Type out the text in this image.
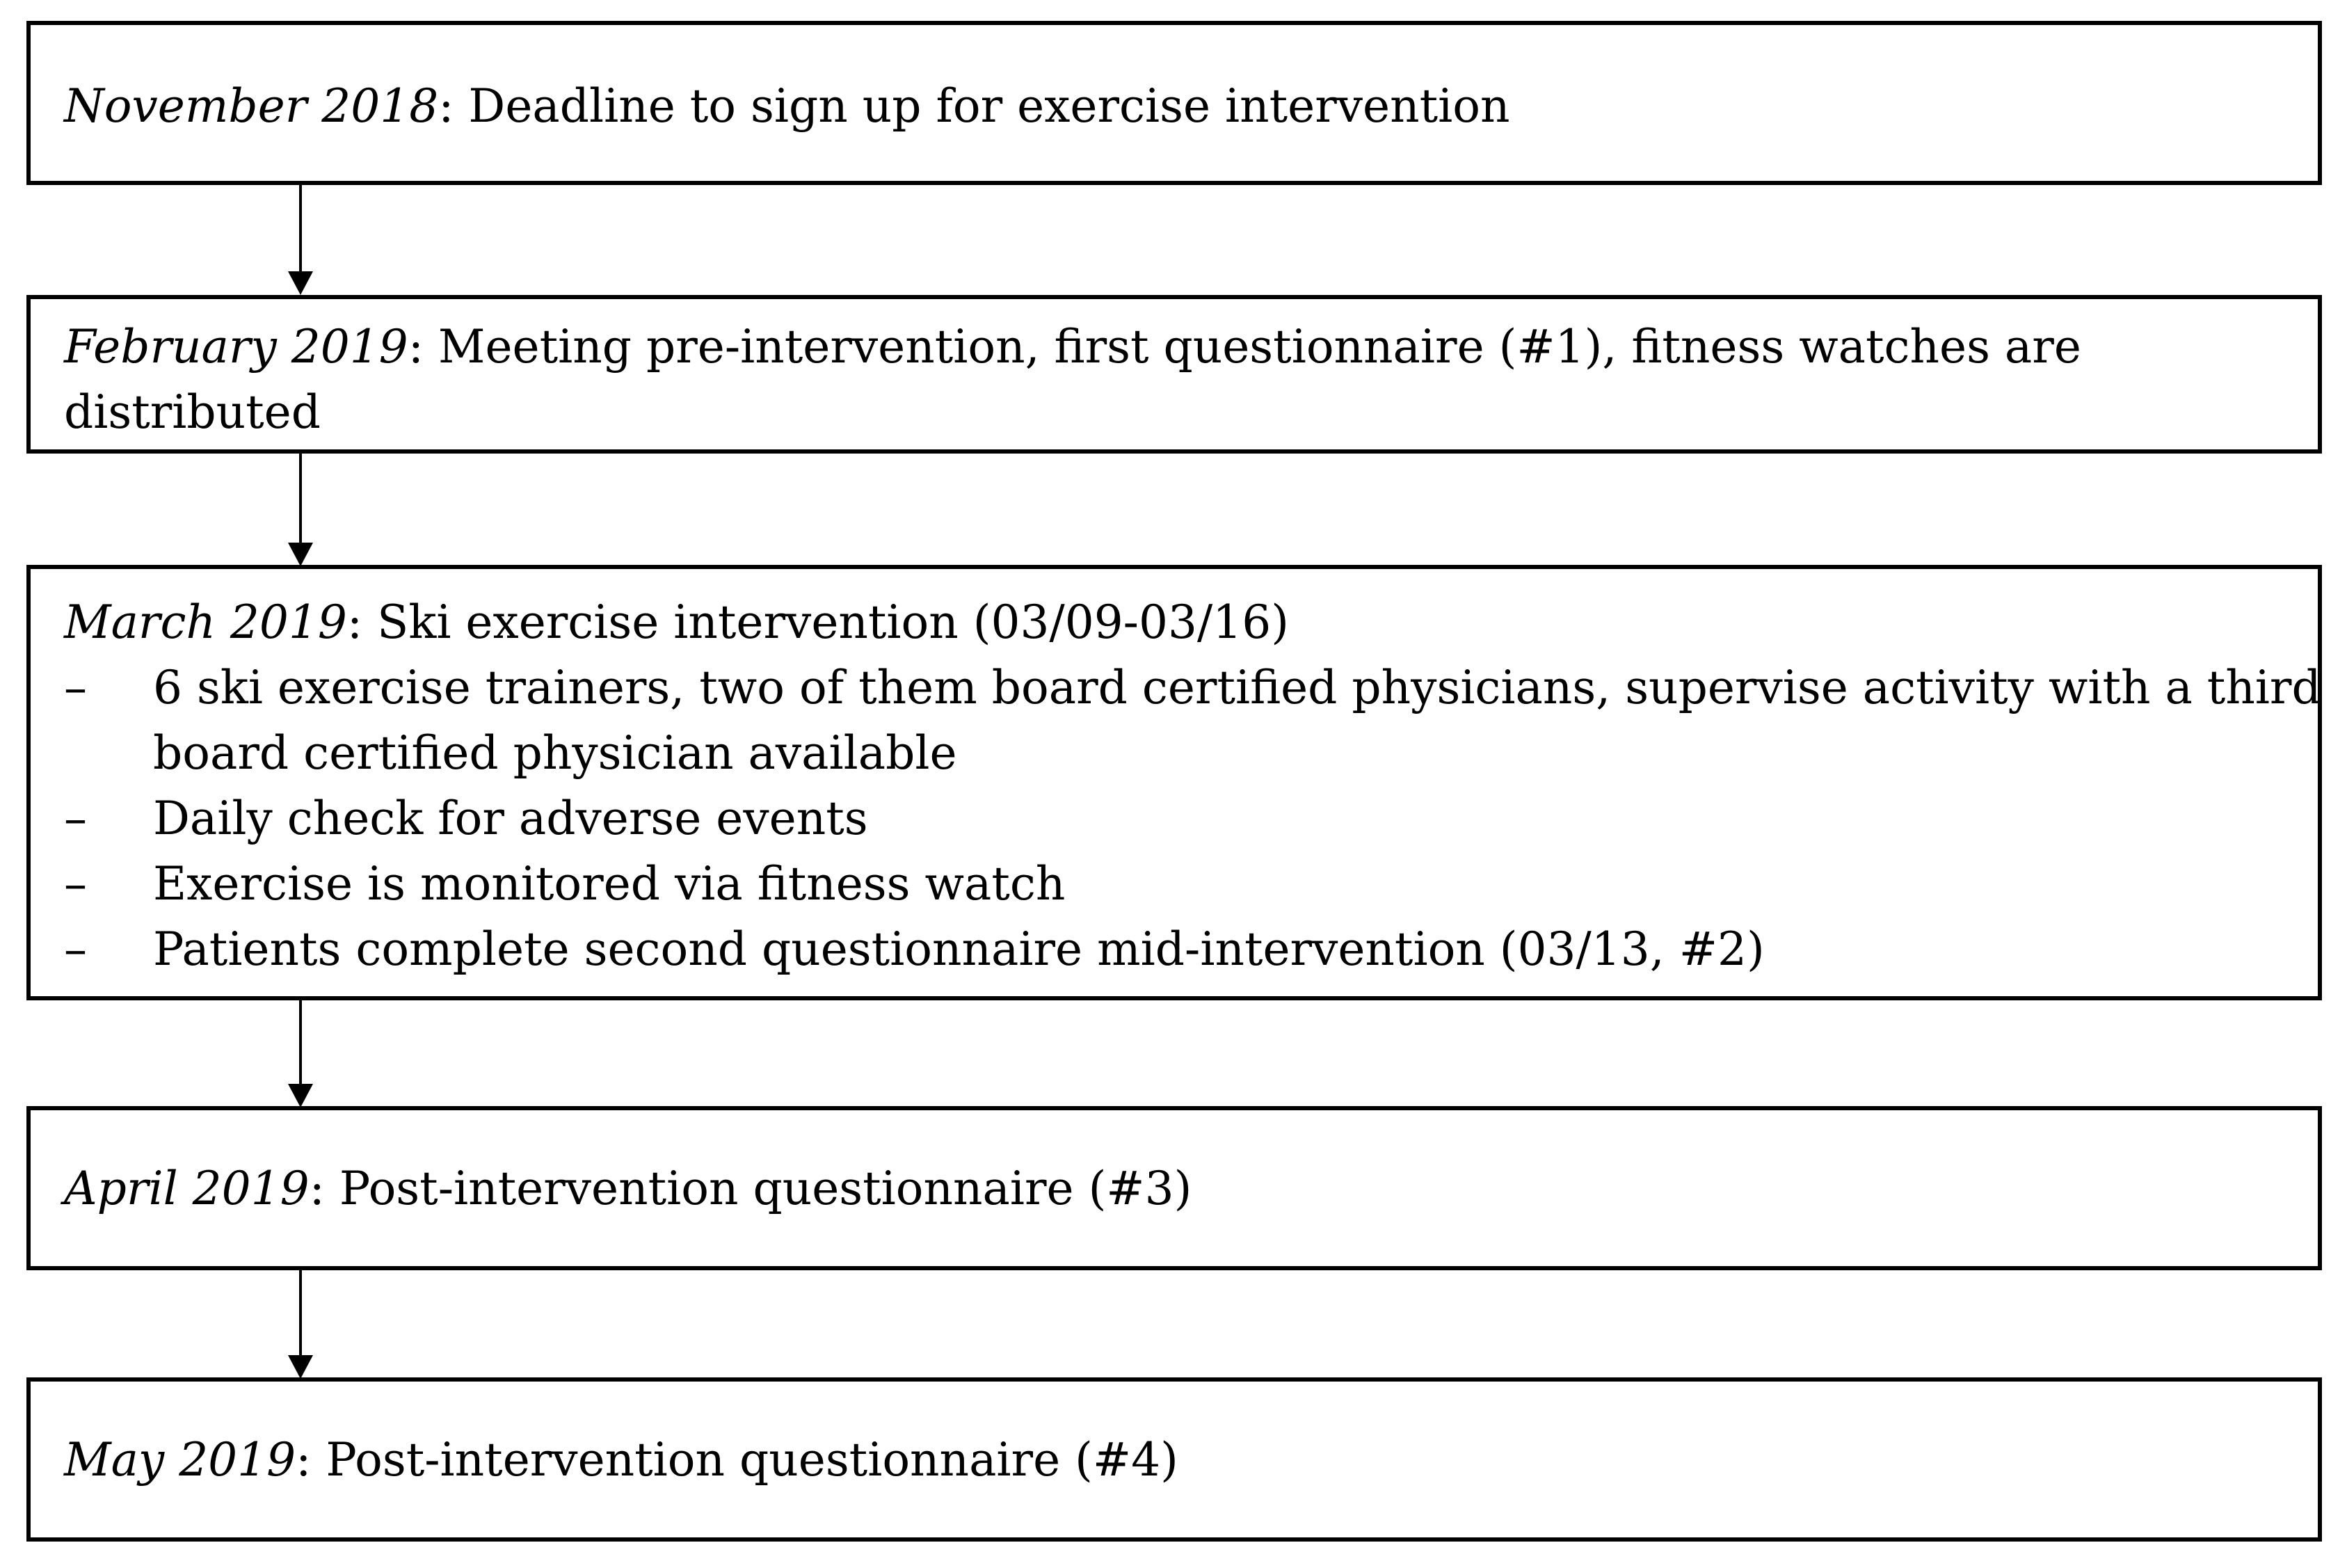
November 2018: Deadline to sign up for exercise intervention
February 2019: Meeting pre-intervention, first questionnaire (#1), fitness watches are
distributed
March 2019: Ski exercise intervention (03/09-03/16)
–	6 ski exercise trainers, two of them board certified physicians, supervise activity with a third
board certified physician available
–	Daily check for adverse events
–	Exercise is monitored via fitness watch
–	Patients complete second questionnaire mid-intervention (03/13, #2)
April 2019: Post-intervention questionnaire (#3)
May 2019: Post-intervention questionnaire (#4)
